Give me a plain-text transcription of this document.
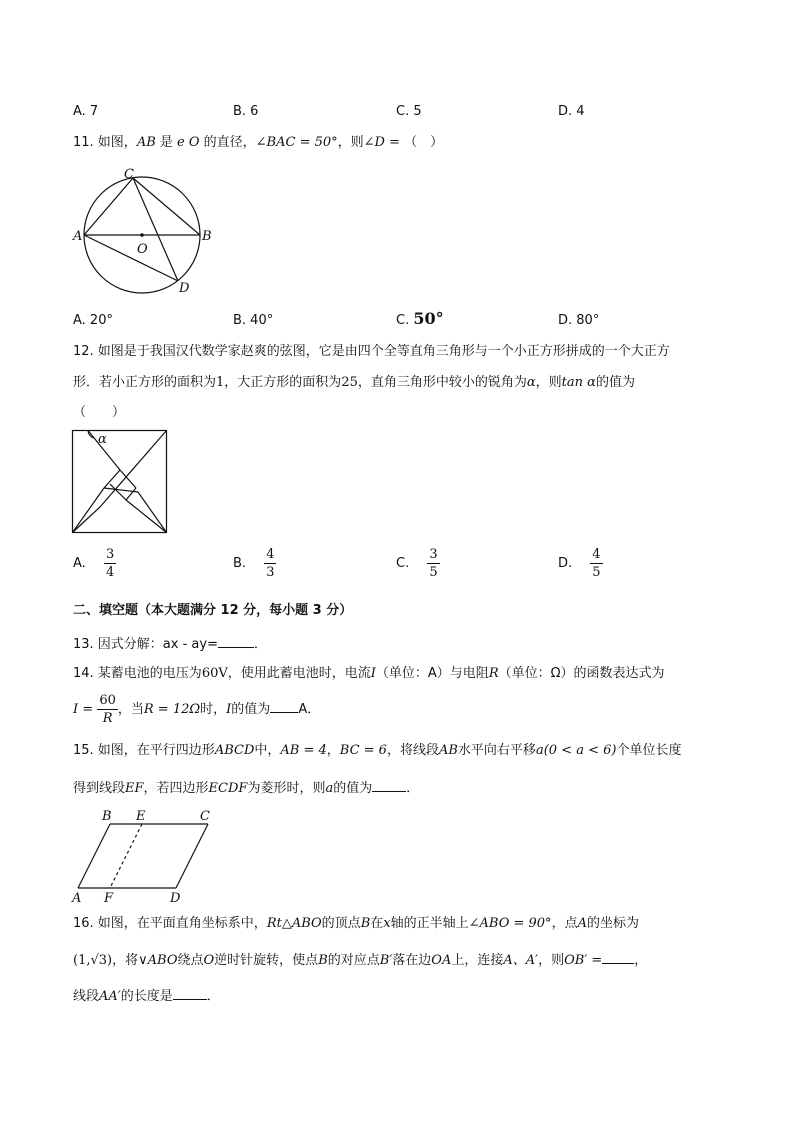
A. 7	B. 6	C. 5	D. 4
11. 如图，AB 是 e O 的直径，∠BAC = 50°，则∠D = （　）
C
A
O
B
D
A. 20°	B. 40°	C. 50°	D. 80°
12. 如图是于我国汉代数学家赵爽的弦图，它是由四个全等直角三角形与一个小正方形拼成的一个大正方
形．若小正方形的面积为1，大正方形的面积为25，直角三角形中较小的锐角为α，则tan α的值为
（　　）
α
A. $\frac{3}{4}$	B. $\frac{4}{3}$	C. $\frac{3}{5}$	D. $\frac{4}{5}$
二、填空题（本大题满分 12 分，每小题 3 分）
13. 因式分解：ax - ay=	．
14. 某蓄电池的电压为60V，使用此蓄电池时，电流I（单位：A）与电阻R（单位：Ω）的函数表达式为
$I = \frac{60}{R}$ ，当R = 12Ω时，I的值为 A．
15. 如图，在平行四边形ABCD中，AB = 4，BC = 6，将线段AB水平向右平移a(0 < a < 6)个单位长度
得到线段EF，若四边形ECDF为菱形时，则a的值为	．
B E	C
A F	D
16. 如图，在平面直角坐标系中，Rt△ABO的顶点B在x轴的正半轴上∠ABO = 90°，点A的坐标为
(1,√3)，将∨ABO绕点O逆时针旋转，使点B的对应点B′落在边OA上，连接A、A′，则OB′ = ，
线段AA′的长度是	．
